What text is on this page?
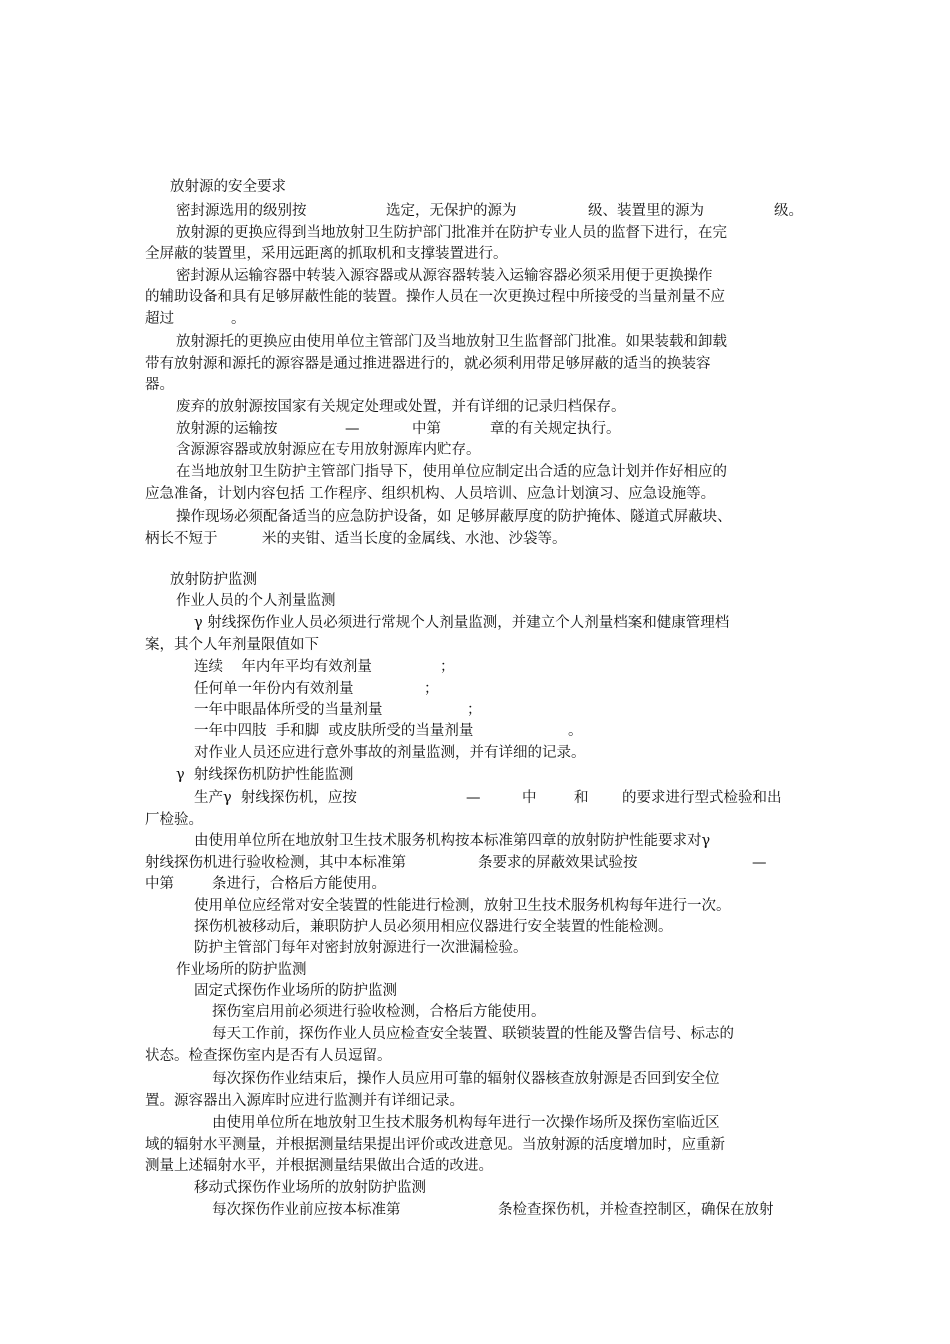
放射源的安全要求
密封源选用的级别按	选定，无保护的源为	级、装置里的源为	级。
放射源的更换应得到当地放射卫生防护部门批准并在防护专业人员的监督下进行，在完
全屏蔽的装置里，采用远距离的抓取机和支撑装置进行。
密封源从运输容器中转装入源容器或从源容器转装入运输容器必须采用便于更换操作
的辅助设备和具有足够屏蔽性能的装置。操作人员在一次更换过程中所接受的当量剂量不应
超过	。
放射源托的更换应由使用单位主管部门及当地放射卫生监督部门批准。如果装载和卸载
带有放射源和源托的源容器是通过推进器进行的，就必须利用带足够屏蔽的适当的换装容
器。
废弃的放射源按国家有关规定处理或处置，并有详细的记录归档保存。
放射源的运输按	—	中第	章的有关规定执行。
含源源容器或放射源应在专用放射源库内贮存。
在当地放射卫生防护主管部门指导下，使用单位应制定出合适的应急计划并作好相应的
应急准备，计划内容包括 工作程序、组织机构、人员培训、应急计划演习、应急设施等。
操作现场必须配备适当的应急防护设备，如 足够屏蔽厚度的防护掩体、隧道式屏蔽块、
柄长不短于	米的夹钳、适当长度的金属线、水池、沙袋等。
放射防护监测
作业人员的个人剂量监测
γ 射线探伤作业人员必须进行常规个人剂量监测，并建立个人剂量档案和健康管理档
案，其个人年剂量限值如下
连续    年内年平均有效剂量	；
任何单一年份内有效剂量	；
一年中眼晶体所受的当量剂量	；
一年中四肢  手和脚  或皮肤所受的当量剂量	。
对作业人员还应进行意外事故的剂量监测，并有详细的记录。
γ  射线探伤机防护性能监测
生产γ  射线探伤机，应按	—	中	和 的要求进行型式检验和出
厂检验。
由使用单位所在地放射卫生技术服务机构按本标准第四章的放射防护性能要求对γ
射线探伤机进行验收检测，其中本标准第	条要求的屏蔽效果试验按	—
中第	条进行，合格后方能使用。
使用单位应经常对安全装置的性能进行检测，放射卫生技术服务机构每年进行一次。
探伤机被移动后，兼职防护人员必须用相应仪器进行安全装置的性能检测。
防护主管部门每年对密封放射源进行一次泄漏检验。
作业场所的防护监测
固定式探伤作业场所的防护监测
探伤室启用前必须进行验收检测，合格后方能使用。
每天工作前，探伤作业人员应检查安全装置、联锁装置的性能及警告信号、标志的
状态。检查探伤室内是否有人员逗留。
每次探伤作业结束后，操作人员应用可靠的辐射仪器核查放射源是否回到安全位
置。源容器出入源库时应进行监测并有详细记录。
由使用单位所在地放射卫生技术服务机构每年进行一次操作场所及探伤室临近区
域的辐射水平测量，并根据测量结果提出评价或改进意见。当放射源的活度增加时，应重新
测量上述辐射水平，并根据测量结果做出合适的改进。
移动式探伤作业场所的放射防护监测
每次探伤作业前应按本标准第	条检查探伤机，并检查控制区，确保在放射
